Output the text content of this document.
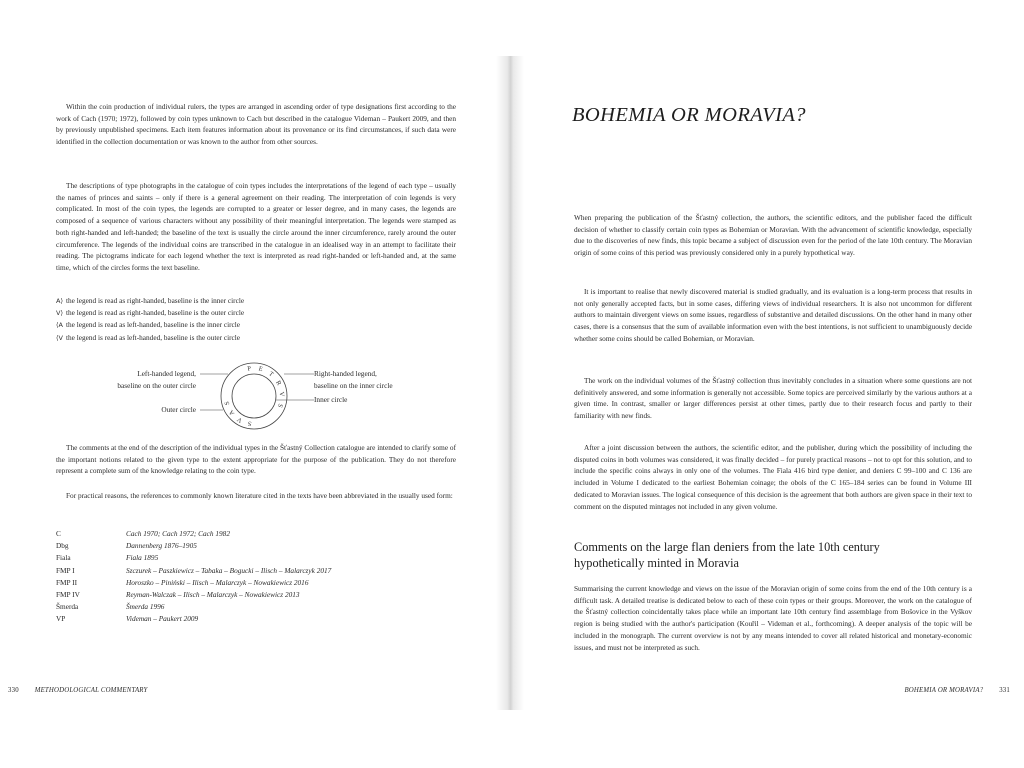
Within the coin production of individual rulers, the types are arranged in ascending order of type designations first according to the work of Cach (1970; 1972), followed by coin types unknown to Cach but described in the catalogue Videman – Paukert 2009, and then by previously unpublished specimens. Each item features information about its provenance or its find circumstances, if such data were identified in the collection documentation or was known to the author from other sources.

The descriptions of type photographs in the catalogue of coin types includes the interpretations of the legend of each type – usually the names of princes and saints – only if there is a general agreement on their reading. The interpretation of coin legends is very complicated. In most of the coin types, the legends are corrupted to a greater or lesser degree, and in many cases, the legends are composed of a sequence of various characters without any possibility of their meaningful interpretation. The legends were stamped as both right-handed and left-handed; the baseline of the text is usually the circle around the inner circumference, rarely around the outer circumference. The legends of the individual coins are transcribed in the catalogue in an idealised way in an attempt to facilitate their reading. The pictograms indicate for each legend whether the text is interpreted as read right-handed or left-handed and, at the same time, which of the circles forms the text baseline.

A⟩ the legend is read as right-handed, baseline is the inner circle
V⟩ the legend is read as right-handed, baseline is the outer circle
⟨A the legend is read as left-handed, baseline is the inner circle
⟨V the legend is read as left-handed, baseline is the outer circle
Left-handed legend,
baseline on the outer circle
Outer circle
Right-handed legend,
baseline on the inner circle
Inner circle
P E
T
R
V
S
S
A
V S

The comments at the end of the description of the individual types in the Šťastný Collection catalogue are intended to clarify some of the important notions related to the given type to the extent appropriate for the purpose of the publication. They do not therefore represent a complete sum of the knowledge relating to the coin type.

For practical reasons, the references to commonly known literature cited in the texts have been abbreviated in the usually used form:

C	Cach 1970; Cach 1972; Cach 1982
Dbg	Dannenberg 1876–1905
Fiala	Fiala 1895
FMP I	Szczurek – Paszkiewicz – Tabaka – Bogucki – Ilisch – Malarczyk 2017
FMP II	Horoszko – Piniński – Ilisch – Malarczyk – Nowakiewicz 2016
FMP IV	Reyman-Walczak – Ilisch – Malarczyk – Nowakiewicz 2013
Šmerda	Šmerda 1996
VP	Videman – Paukert 2009
330 METHODOLOGICAL COMMENTARY
BOHEMIA OR MORAVIA?

When preparing the publication of the Šťastný collection, the authors, the scientific editors, and the publisher faced the difficult decision of whether to classify certain coin types as Bohemian or Moravian. With the advancement of scientific knowledge, especially due to the discoveries of new finds, this topic became a subject of discussion even for the period of the late 10th century. The Moravian origin of some coins of this period was previously considered only in a purely hypothetical way.

It is important to realise that newly discovered material is studied gradually, and its evaluation is a long-term process that results in not only generally accepted facts, but in some cases, differing views of individual researchers. It is also not uncommon for different authors to maintain divergent views on some issues, regardless of substantive and detailed discussions. On the other hand in many other cases, there is a consensus that the sum of available information even with the best intentions, is not sufficient to unambiguously decide whether some coins should be called Bohemian, or Moravian.

The work on the individual volumes of the Šťastný collection thus inevitably concludes in a situation where some questions are not definitively answered, and some information is generally not accessible. Some topics are perceived similarly by the various authors at a given time. In contrast, smaller or larger differences persist at other times, partly due to their research focus and partly to their familiarity with new finds.

After a joint discussion between the authors, the scientific editor, and the publisher, during which the possibility of including the disputed coins in both volumes was considered, it was finally decided – for purely practical reasons – not to opt for this solution, and to include the specific coins always in only one of the volumes. The Fiala 416 bird type denier, and deniers C 99–100 and C 136 are included in Volume I dedicated to the earliest Bohemian coinage; the obols of the C 165–184 series can be found in Volume III dedicated to Moravian issues. The logical consequence of this decision is the agreement that both authors are given space in their text to comment on the disputed mintages not included in any given volume.

Comments on the large flan deniers from the late 10th century
hypothetically minted in Moravia

Summarising the current knowledge and views on the issue of the Moravian origin of some coins from the end of the 10th century is a difficult task. A detailed treatise is dedicated below to each of these coin types or their groups. Moreover, the work on the catalogue of the Šťastný collection coincidentally takes place while an important late 10th century find assemblage from Bošovice in the Vyškov region is being studied with the author's participation (Kouřil – Videman et al., forthcoming). A deeper analysis of the topic will be included in the monograph. The current overview is not by any means intended to cover all related historical and monetary-economic issues, and must not be interpreted as such.

BOHEMIA OR MORAVIA? 331
